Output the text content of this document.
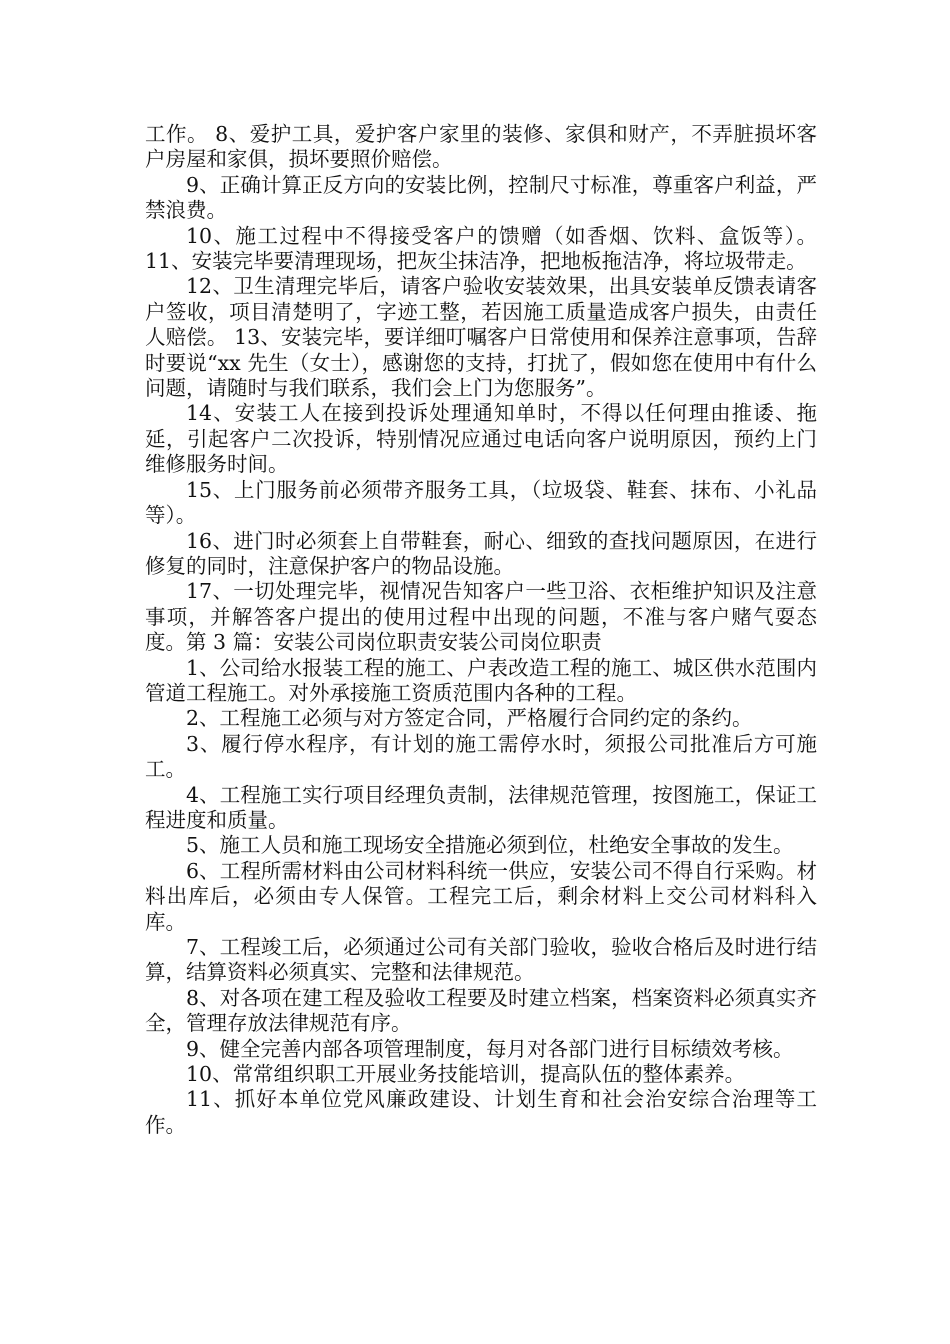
工作。 8、爱护工具，爱护客户家里的装修、家俱和财产，不弄脏损坏客户房屋和家俱，损坏要照价赔偿。

9、正确计算正反方向的安装比例，控制尺寸标准，尊重客户利益，严禁浪费。

10、施工过程中不得接受客户的馈赠（如香烟、饮料、盒饭等）。 11、安装完毕要清理现场，把灰尘抹洁净，把地板拖洁净，将垃圾带走。

12、卫生清理完毕后，请客户验收安装效果，出具安装单反馈表请客户签收，项目清楚明了，字迹工整，若因施工质量造成客户损失，由责任人赔偿。 13、安装完毕，要详细叮嘱客户日常使用和保养注意事项，告辞时要说“xx 先生（女士），感谢您的支持，打扰了，假如您在使用中有什么问题，请随时与我们联系，我们会上门为您服务”。

14、安装工人在接到投诉处理通知单时，不得以任何理由推诿、拖延，引起客户二次投诉，特别情况应通过电话向客户说明原因，预约上门维修服务时间。

15、上门服务前必须带齐服务工具，（垃圾袋、鞋套、抹布、小礼品等）。

16、进门时必须套上自带鞋套，耐心、细致的查找问题原因，在进行修复的同时，注意保护客户的物品设施。

17、一切处理完毕，视情况告知客户一些卫浴、衣柜维护知识及注意事项，并解答客户提出的使用过程中出现的问题，不准与客户赌气耍态度。第 3 篇：安装公司岗位职责安装公司岗位职责

1、公司给水报装工程的施工、户表改造工程的施工、城区供水范围内管道工程施工。对外承接施工资质范围内各种的工程。

2、工程施工必须与对方签定合同，严格履行合同约定的条约。

3、履行停水程序，有计划的施工需停水时，须报公司批准后方可施工。

4、工程施工实行项目经理负责制，法律规范管理，按图施工，保证工程进度和质量。

5、施工人员和施工现场安全措施必须到位，杜绝安全事故的发生。

6、工程所需材料由公司材料科统一供应，安装公司不得自行采购。材料出库后，必须由专人保管。工程完工后，剩余材料上交公司材料科入库。

7、工程竣工后，必须通过公司有关部门验收，验收合格后及时进行结算，结算资料必须真实、完整和法律规范。

8、对各项在建工程及验收工程要及时建立档案，档案资料必须真实齐全，管理存放法律规范有序。

9、健全完善内部各项管理制度，每月对各部门进行目标绩效考核。

10、常常组织职工开展业务技能培训，提高队伍的整体素养。

11、抓好本单位党风廉政建设、计划生育和社会治安综合治理等工作。
